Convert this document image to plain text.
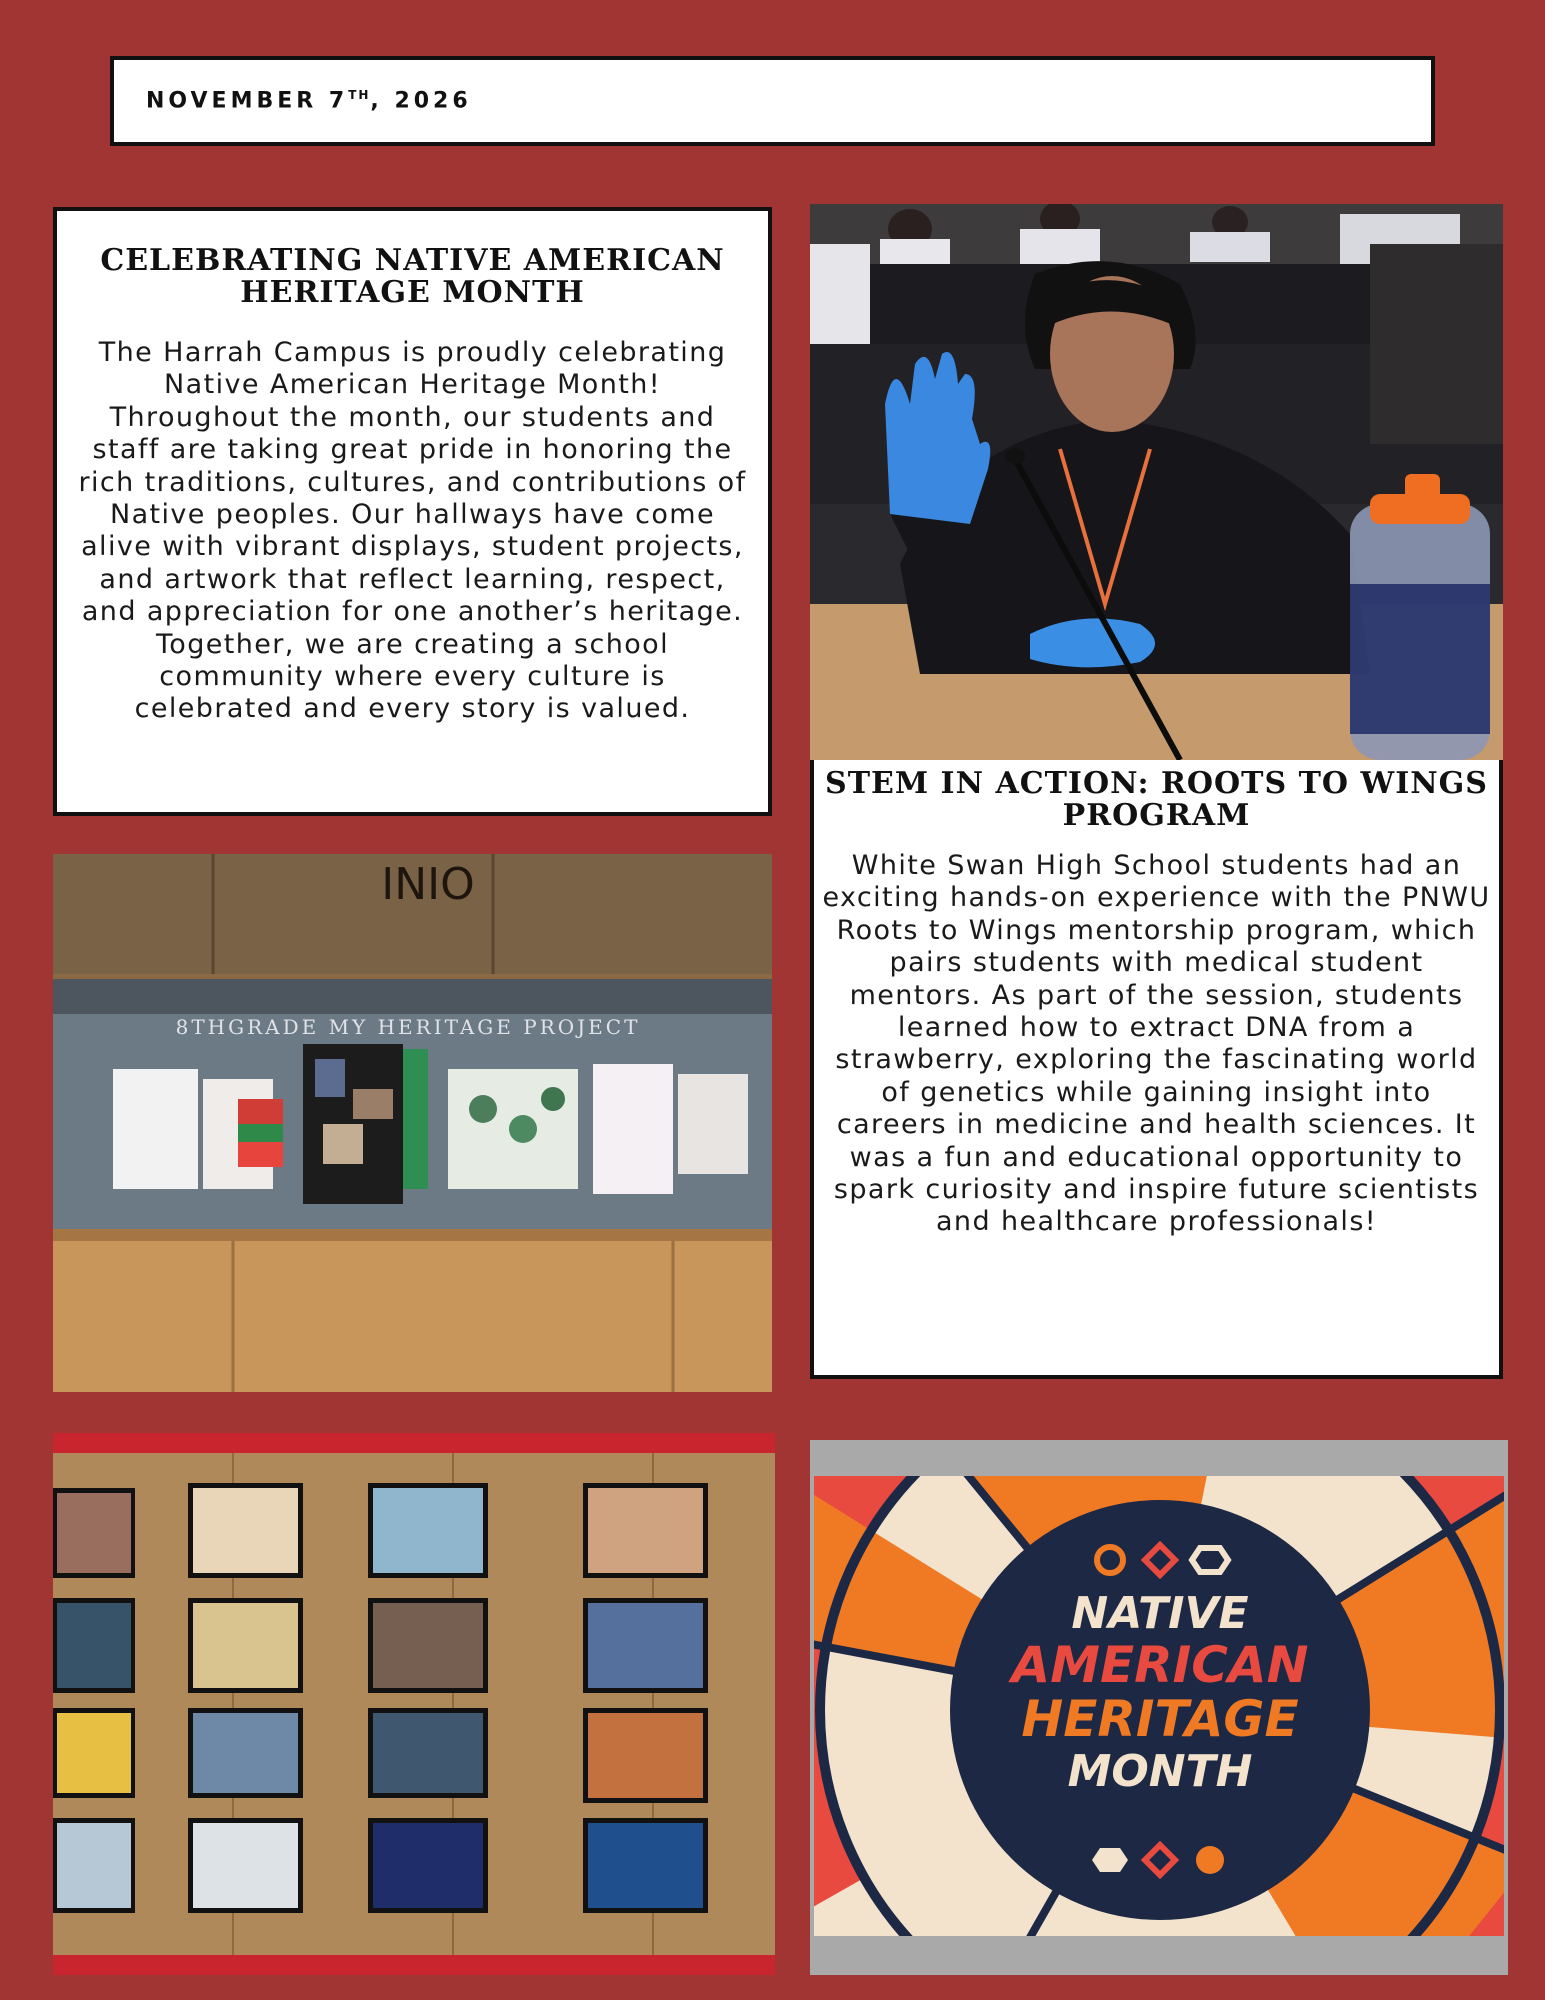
NOVEMBER 7TH, 2026
CELEBRATING NATIVE AMERICAN HERITAGE MONTH

The Harrah Campus is proudly celebrating Native American Heritage Month! Throughout the month, our students and staff are taking great pride in honoring the rich traditions, cultures, and contributions of Native peoples. Our hallways have come alive with vibrant displays, student projects, and artwork that reflect learning, respect, and appreciation for one another’s heritage. Together, we are creating a school community where every culture is celebrated and every story is valued.

STEM IN ACTION: ROOTS TO WINGS PROGRAM

White Swan High School students had an exciting hands-on experience with the PNWU Roots to Wings mentorship program, which pairs students with medical student mentors. As part of the session, students learned how to extract DNA from a strawberry, exploring the fascinating world of genetics while gaining insight into careers in medicine and health sciences. It was a fun and educational opportunity to spark curiosity and inspire future scientists and healthcare professionals!

INIO
8THGRADE MY HERITAGE PROJECT
NATIVE
AMERICAN
HERITAGE
MONTH
